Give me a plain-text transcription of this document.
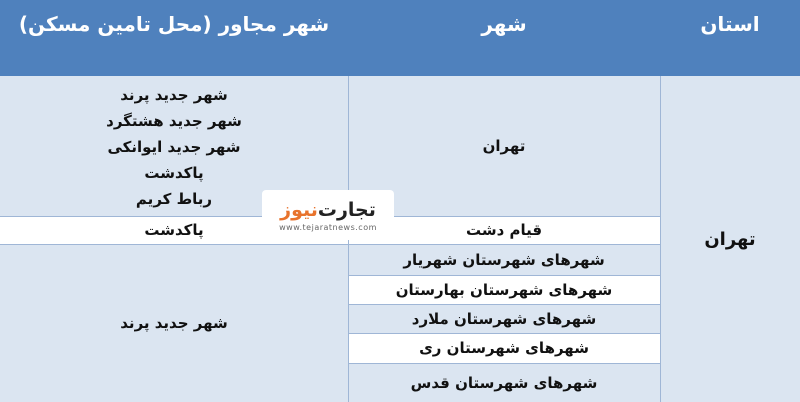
استان
شهر
شهر مجاور (محل تامین مسکن)
تهران
تهران
شهر جدید پرند
شهر جدید هشتگرد
شهر جدید ایوانکی
پاکدشت
رباط کریم
قیام دشت
پاکدشت
شهرهای شهرستان شهریار
شهرهای شهرستان بهارستان
شهرهای شهرستان ملارد
شهرهای شهرستان ری
شهرهای شهرستان قدس
شهر جدید پرند
تجارت
نیوز
www.tejaratnews.com
